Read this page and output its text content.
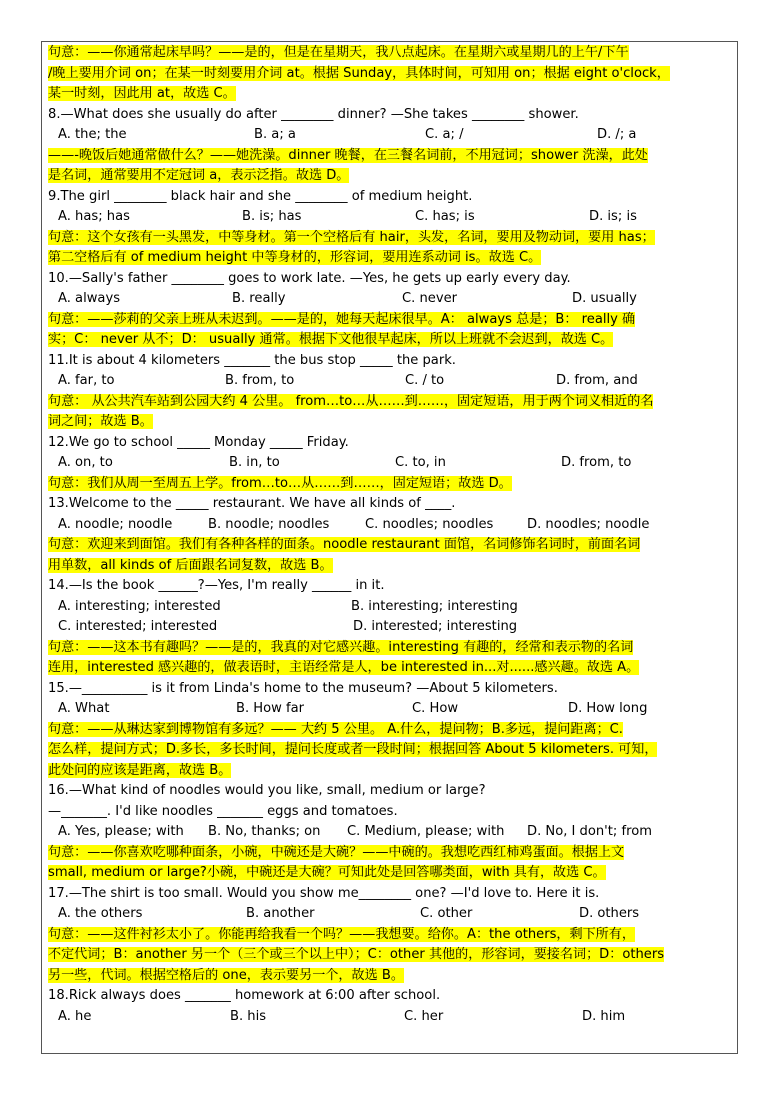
句意：——你通常起床早吗？——是的，但是在星期天，我八点起床。在星期六或星期几的上午/下午
/晚上要用介词 on；在某一时刻要用介词 at。根据 Sunday，具体时间，可知用 on；根据 eight o'clock，
某一时刻，因此用 at，故选 C。
8.—What does she usually do after ________ dinner? —She takes ________ shower.
A. the; the	B. a; a	C. a; /	D. /; a
——-晚饭后她通常做什么？——她洗澡。dinner 晚餐，在三餐名词前，不用冠词；shower 洗澡，此处
是名词，通常要用不定冠词 a，表示泛指。故选 D。
9.The girl ________ black hair and she ________ of medium height.
A. has; has	B. is; has	C. has; is	D. is; is
句意：这个女孩有一头黑发，中等身材。第一个空格后有 hair，头发，名词，要用及物动词，要用 has；
第二空格后有 of medium height 中等身材的，形容词，要用连系动词 is。故选 C。
10.—Sally's father ________ goes to work late. —Yes, he gets up early every day.
A. always	B. really	C. never	D. usually
句意：——莎莉的父亲上班从未迟到。——是的，她每天起床很早。A： always 总是；B： really 确
实；C： never 从不；D： usually 通常。根据下文他很早起床，所以上班就不会迟到，故选 C。
11.It is about 4 kilometers _______ the bus stop _____ the park.
A. far, to	B. from, to	C. / to	D. from, and
句意： 从公共汽车站到公园大约 4 公里。 from…to…从……到……，固定短语，用于两个词义相近的名
词之间；故选 B。
12.We go to school _____ Monday _____ Friday.
A. on, to	B. in, to	C. to, in	D. from, to
句意：我们从周一至周五上学。from…to…从……到……，固定短语；故选 D。
13.Welcome to the _____ restaurant. We have all kinds of ____.
A. noodle; noodle	B. noodle; noodles	C. noodles; noodles	D. noodles; noodle
句意：欢迎来到面馆。我们有各种各样的面条。noodle restaurant 面馆，名词修饰名词时，前面名词
用单数，all kinds of 后面跟名词复数，故选 B。
14.—Is the book ______?—Yes, I'm really ______ in it.
A. interesting; interested	B. interesting; interesting
C. interested; interested	D. interested; interesting
句意：——这本书有趣吗？——是的，我真的对它感兴趣。interesting 有趣的，经常和表示物的名词
连用，interested 感兴趣的，做表语时，主语经常是人，be interested in...对......感兴趣。故选 A。
15.—__________ is it from Linda's home to the museum? —About 5 kilometers.
A. What	B. How far	C. How	D. How long
句意：——从琳达家到博物馆有多远？—— 大约 5 公里。 A.什么，提问物；B.多远，提问距离；C.
怎么样，提问方式；D.多长，多长时间，提问长度或者一段时间；根据回答 About 5 kilometers. 可知，
此处问的应该是距离，故选 B。
16.—What kind of noodles would you like, small, medium or large?
—_______. I'd like noodles _______ eggs and tomatoes.
A. Yes, please; with B. No, thanks; on C. Medium, please; with D. No, I don't; from
句意：——你喜欢吃哪种面条，小碗，中碗还是大碗？——中碗的。我想吃西红柿鸡蛋面。根据上文
small, medium or large?小碗，中碗还是大碗？可知此处是回答哪类面，with 具有，故选 C。
17.—The shirt is too small. Would you show me________ one? —I'd love to. Here it is.
A. the others	B. another	C. other	D. others
句意：——这件衬衫太小了。你能再给我看一个吗？——我想要。给你。A：the others，剩下所有，
不定代词；B：another 另一个（三个或三个以上中）；C：other 其他的，形容词，要接名词；D：others
另一些，代词。根据空格后的 one，表示要另一个，故选 B。
18.Rick always does _______ homework at 6:00 after school.
A. he	B. his	C. her	D. him
